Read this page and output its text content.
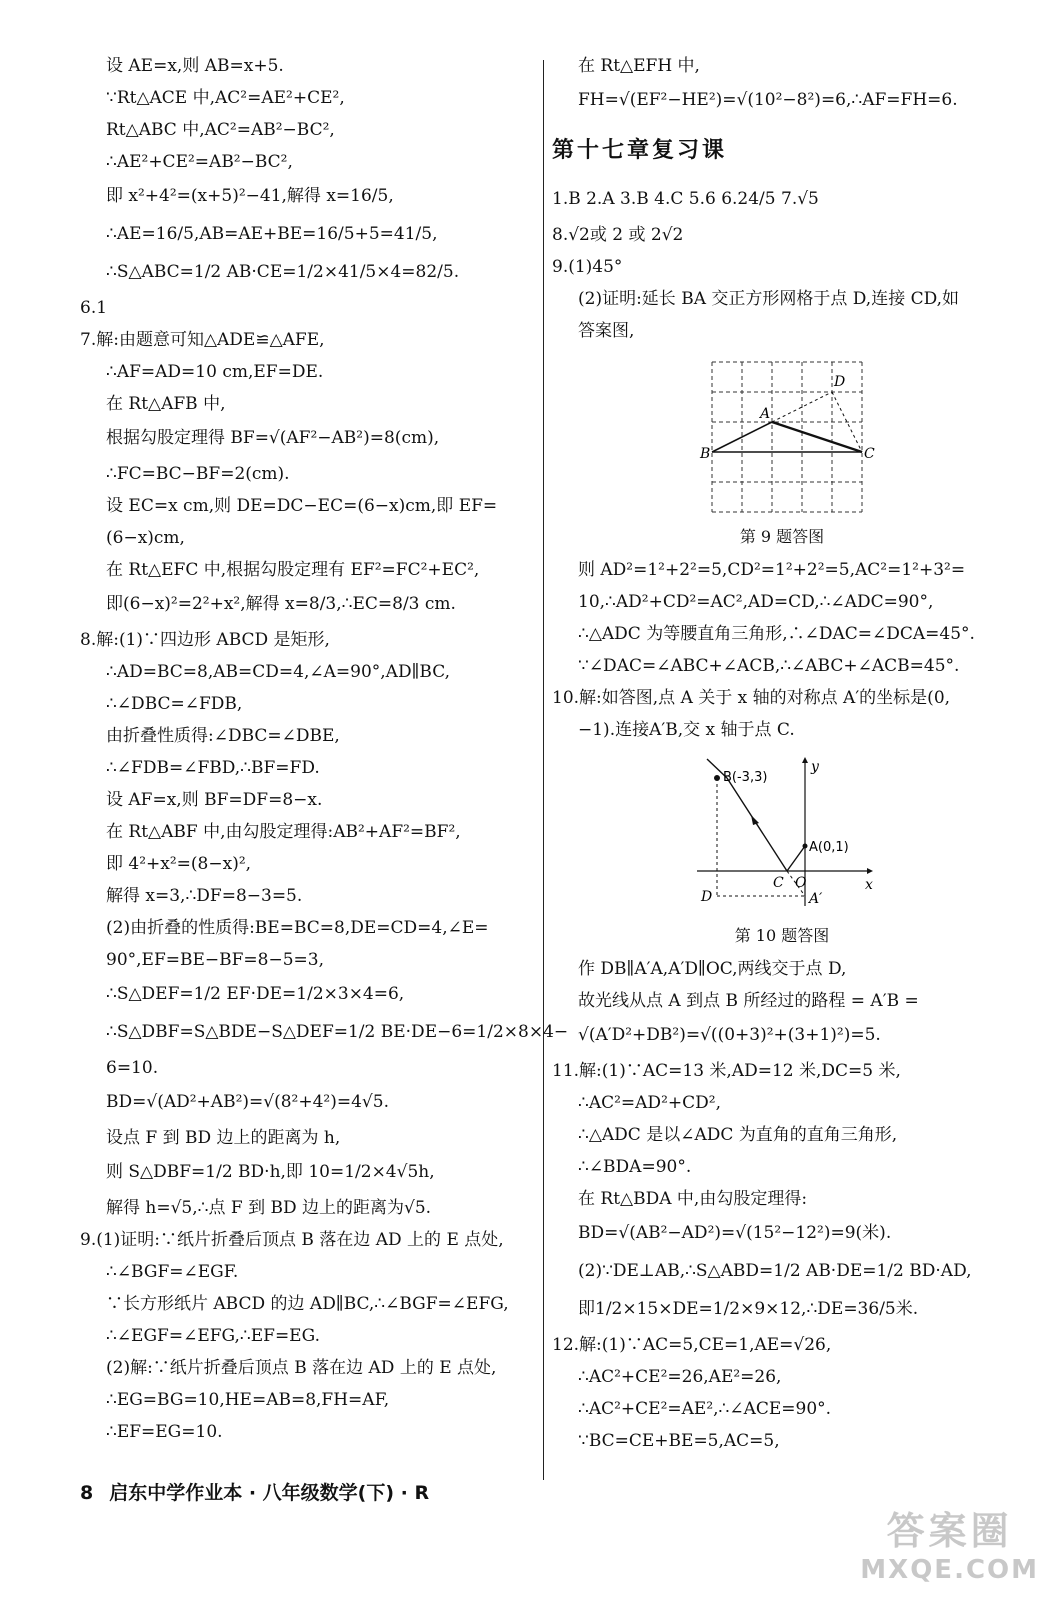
设 AE=x,则 AB=x+5.
∵Rt△ACE 中,AC²=AE²+CE²,
Rt△ABC 中,AC²=AB²−BC²,
∴AE²+CE²=AB²−BC²,
即 x²+4²=(x+5)²−41,解得 x=16/5,
∴AE=16/5,AB=AE+BE=16/5+5=41/5,
∴S△ABC=1/2 AB·CE=1/2×41/5×4=82/5.
6.1
7.解:由题意可知△ADE≌△AFE,
∴AF=AD=10 cm,EF=DE.
在 Rt△AFB 中,
根据勾股定理得 BF=√(AF²−AB²)=8(cm),
∴FC=BC−BF=2(cm).
设 EC=x cm,则 DE=DC−EC=(6−x)cm,即 EF=
(6−x)cm,
在 Rt△EFC 中,根据勾股定理有 EF²=FC²+EC²,
即(6−x)²=2²+x²,解得 x=8/3,∴EC=8/3 cm.
8.解:(1)∵四边形 ABCD 是矩形,
∴AD=BC=8,AB=CD=4,∠A=90°,AD∥BC,
∴∠DBC=∠FDB,
由折叠性质得:∠DBC=∠DBE,
∴∠FDB=∠FBD,∴BF=FD.
设 AF=x,则 BF=DF=8−x.
在 Rt△ABF 中,由勾股定理得:AB²+AF²=BF²,
即 4²+x²=(8−x)²,
解得 x=3,∴DF=8−3=5.
(2)由折叠的性质得:BE=BC=8,DE=CD=4,∠E=
90°,EF=BE−BF=8−5=3,
∴S△DEF=1/2 EF·DE=1/2×3×4=6,
∴S△DBF=S△BDE−S△DEF=1/2 BE·DE−6=1/2×8×4−
6=10.
BD=√(AD²+AB²)=√(8²+4²)=4√5.
设点 F 到 BD 边上的距离为 h,
则 S△DBF=1/2 BD·h,即 10=1/2×4√5h,
解得 h=√5,∴点 F 到 BD 边上的距离为√5.
9.(1)证明:∵纸片折叠后顶点 B 落在边 AD 上的 E 点处,
∴∠BGF=∠EGF.
∵长方形纸片 ABCD 的边 AD∥BC,∴∠BGF=∠EFG,
∴∠EGF=∠EFG,∴EF=EG.
(2)解:∵纸片折叠后顶点 B 落在边 AD 上的 E 点处,
∴EG=BG=10,HE=AB=8,FH=AF,
∴EF=EG=10.
在 Rt△EFH 中,
FH=√(EF²−HE²)=√(10²−8²)=6,∴AF=FH=6.
第十七章复习课
1.B 2.A 3.B 4.C 5.6 6.24/5 7.√5
8.√2或 2 或 2√2
9.(1)45°
(2)证明:延长 BA 交正方形网格于点 D,连接 CD,如
答案图,
B	C
A
D
第 9 题答图
则 AD²=1²+2²=5,CD²=1²+2²=5,AC²=1²+3²=
10,∴AD²+CD²=AC²,AD=CD,∴∠ADC=90°,
∴△ADC 为等腰直角三角形,∴∠DAC=∠DCA=45°.
∵∠DAC=∠ABC+∠ACB,∴∠ABC+∠ACB=45°.
10.解:如答图,点 A 关于 x 轴的对称点 A′的坐标是(0,
−1).连接A′B,交 x 轴于点 C.
B(-3,3)
A(0,1)
C O
D	A′
x
y
第 10 题答图
作 DB∥A′A,A′D∥OC,两线交于点 D,
故光线从点 A 到点 B 所经过的路程 = A′B =
√(A′D²+DB²)=√((0+3)²+(3+1)²)=5.
11.解:(1)∵AC=13 米,AD=12 米,DC=5 米,
∴AC²=AD²+CD²,
∴△ADC 是以∠ADC 为直角的直角三角形,
∴∠BDA=90°.
在 Rt△BDA 中,由勾股定理得:
BD=√(AB²−AD²)=√(15²−12²)=9(米).
(2)∵DE⊥AB,∴S△ABD=1/2 AB·DE=1/2 BD·AD,
即1/2×15×DE=1/2×9×12,∴DE=36/5米.
12.解:(1)∵AC=5,CE=1,AE=√26,
∴AC²+CE²=26,AE²=26,
∴AC²+CE²=AE²,∴∠ACE=90°.
∵BC=CE+BE=5,AC=5,
8 启东中学作业本 · 八年级数学(下) · R
答案圈
MXQE.COM
